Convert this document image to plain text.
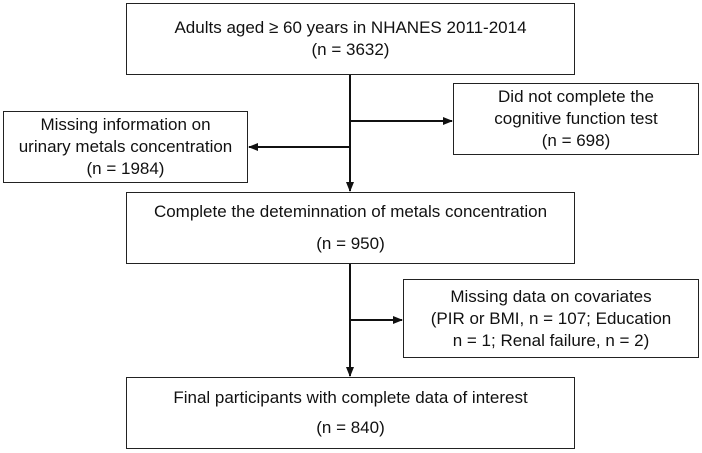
Adults aged ≥ 60 years in NHANES 2011-2014
(n = 3632)
Did not complete the
cognitive function test
(n = 698)
Missing information on
urinary metals concentration
(n = 1984)
Complete the deteminnation of metals concentration
(n = 950)
Missing data on covariates
(PIR or BMI, n = 107; Education
n = 1; Renal failure, n = 2)
Final participants with complete data of interest
(n = 840)
